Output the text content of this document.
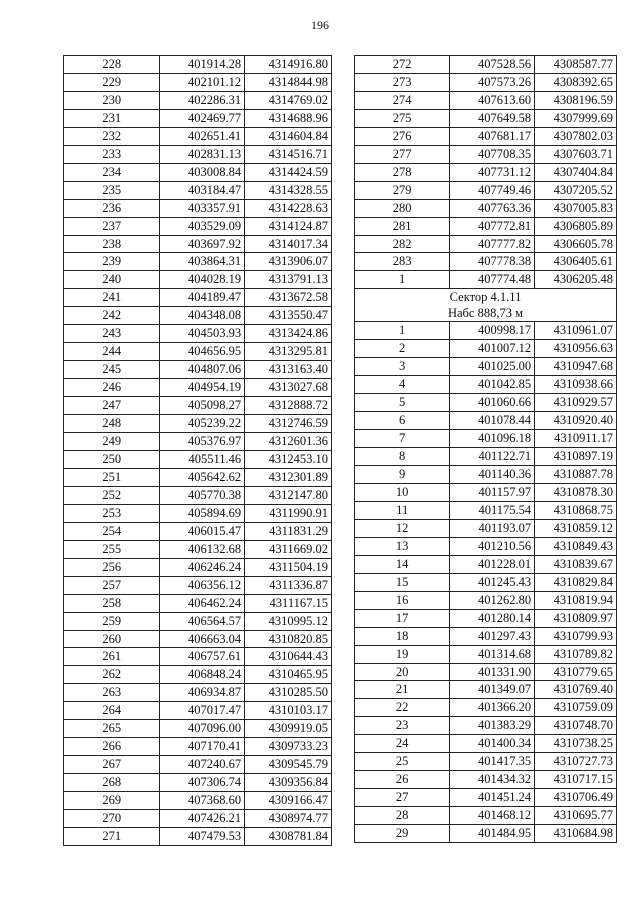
196
228	401914.28	4314916.80
229	402101.12	4314844.98
230	402286.31	4314769.02
231	402469.77	4314688.96
232	402651.41	4314604.84
233	402831.13	4314516.71
234	403008.84	4314424.59
235	403184.47	4314328.55
236	403357.91	4314228.63
237	403529.09	4314124.87
238	403697.92	4314017.34
239	403864.31	4313906.07
240	404028.19	4313791.13
241	404189.47	4313672.58
242	404348.08	4313550.47
243	404503.93	4313424.86
244	404656.95	4313295.81
245	404807.06	4313163.40
246	404954.19	4313027.68
247	405098.27	4312888.72
248	405239.22	4312746.59
249	405376.97	4312601.36
250	405511.46	4312453.10
251	405642.62	4312301.89
252	405770.38	4312147.80
253	405894.69	4311990.91
254	406015.47	4311831.29
255	406132.68	4311669.02
256	406246.24	4311504.19
257	406356.12	4311336.87
258	406462.24	4311167.15
259	406564.57	4310995.12
260	406663.04	4310820.85
261	406757.61	4310644.43
262	406848.24	4310465.95
263	406934.87	4310285.50
264	407017.47	4310103.17
265	407096.00	4309919.05
266	407170.41	4309733.23
267	407240.67	4309545.79
268	407306.74	4309356.84
269	407368.60	4309166.47
270	407426.21	4308974.77
271	407479.53	4308781.84
272	407528.56	4308587.77
273	407573.26	4308392.65
274	407613.60	4308196.59
275	407649.58	4307999.69
276	407681.17	4307802.03
277	407708.35	4307603.71
278	407731.12	4307404.84
279	407749.46	4307205.52
280	407763.36	4307005.83
281	407772.81	4306805.89
282	407777.82	4306605.78
283	407778.38	4306405.61
1	407774.48	4306205.48

Сектор 4.1.11
Набс 888,73 м		

1	400998.17	4310961.07
2	401007.12	4310956.63
3	401025.00	4310947.68
4	401042.85	4310938.66
5	401060.66	4310929.57
6	401078.44	4310920.40
7	401096.18	4310911.17
8	401122.71	4310897.19
9	401140.36	4310887.78
10	401157.97	4310878.30
11	401175.54	4310868.75
12	401193.07	4310859.12
13	401210.56	4310849.43
14	401228.01	4310839.67
15	401245.43	4310829.84
16	401262.80	4310819.94
17	401280.14	4310809.97
18	401297.43	4310799.93
19	401314.68	4310789.82
20	401331.90	4310779.65
21	401349.07	4310769.40
22	401366.20	4310759.09
23	401383.29	4310748.70
24	401400.34	4310738.25
25	401417.35	4310727.73
26	401434.32	4310717.15
27	401451.24	4310706.49
28	401468.12	4310695.77
29	401484.95	4310684.98
